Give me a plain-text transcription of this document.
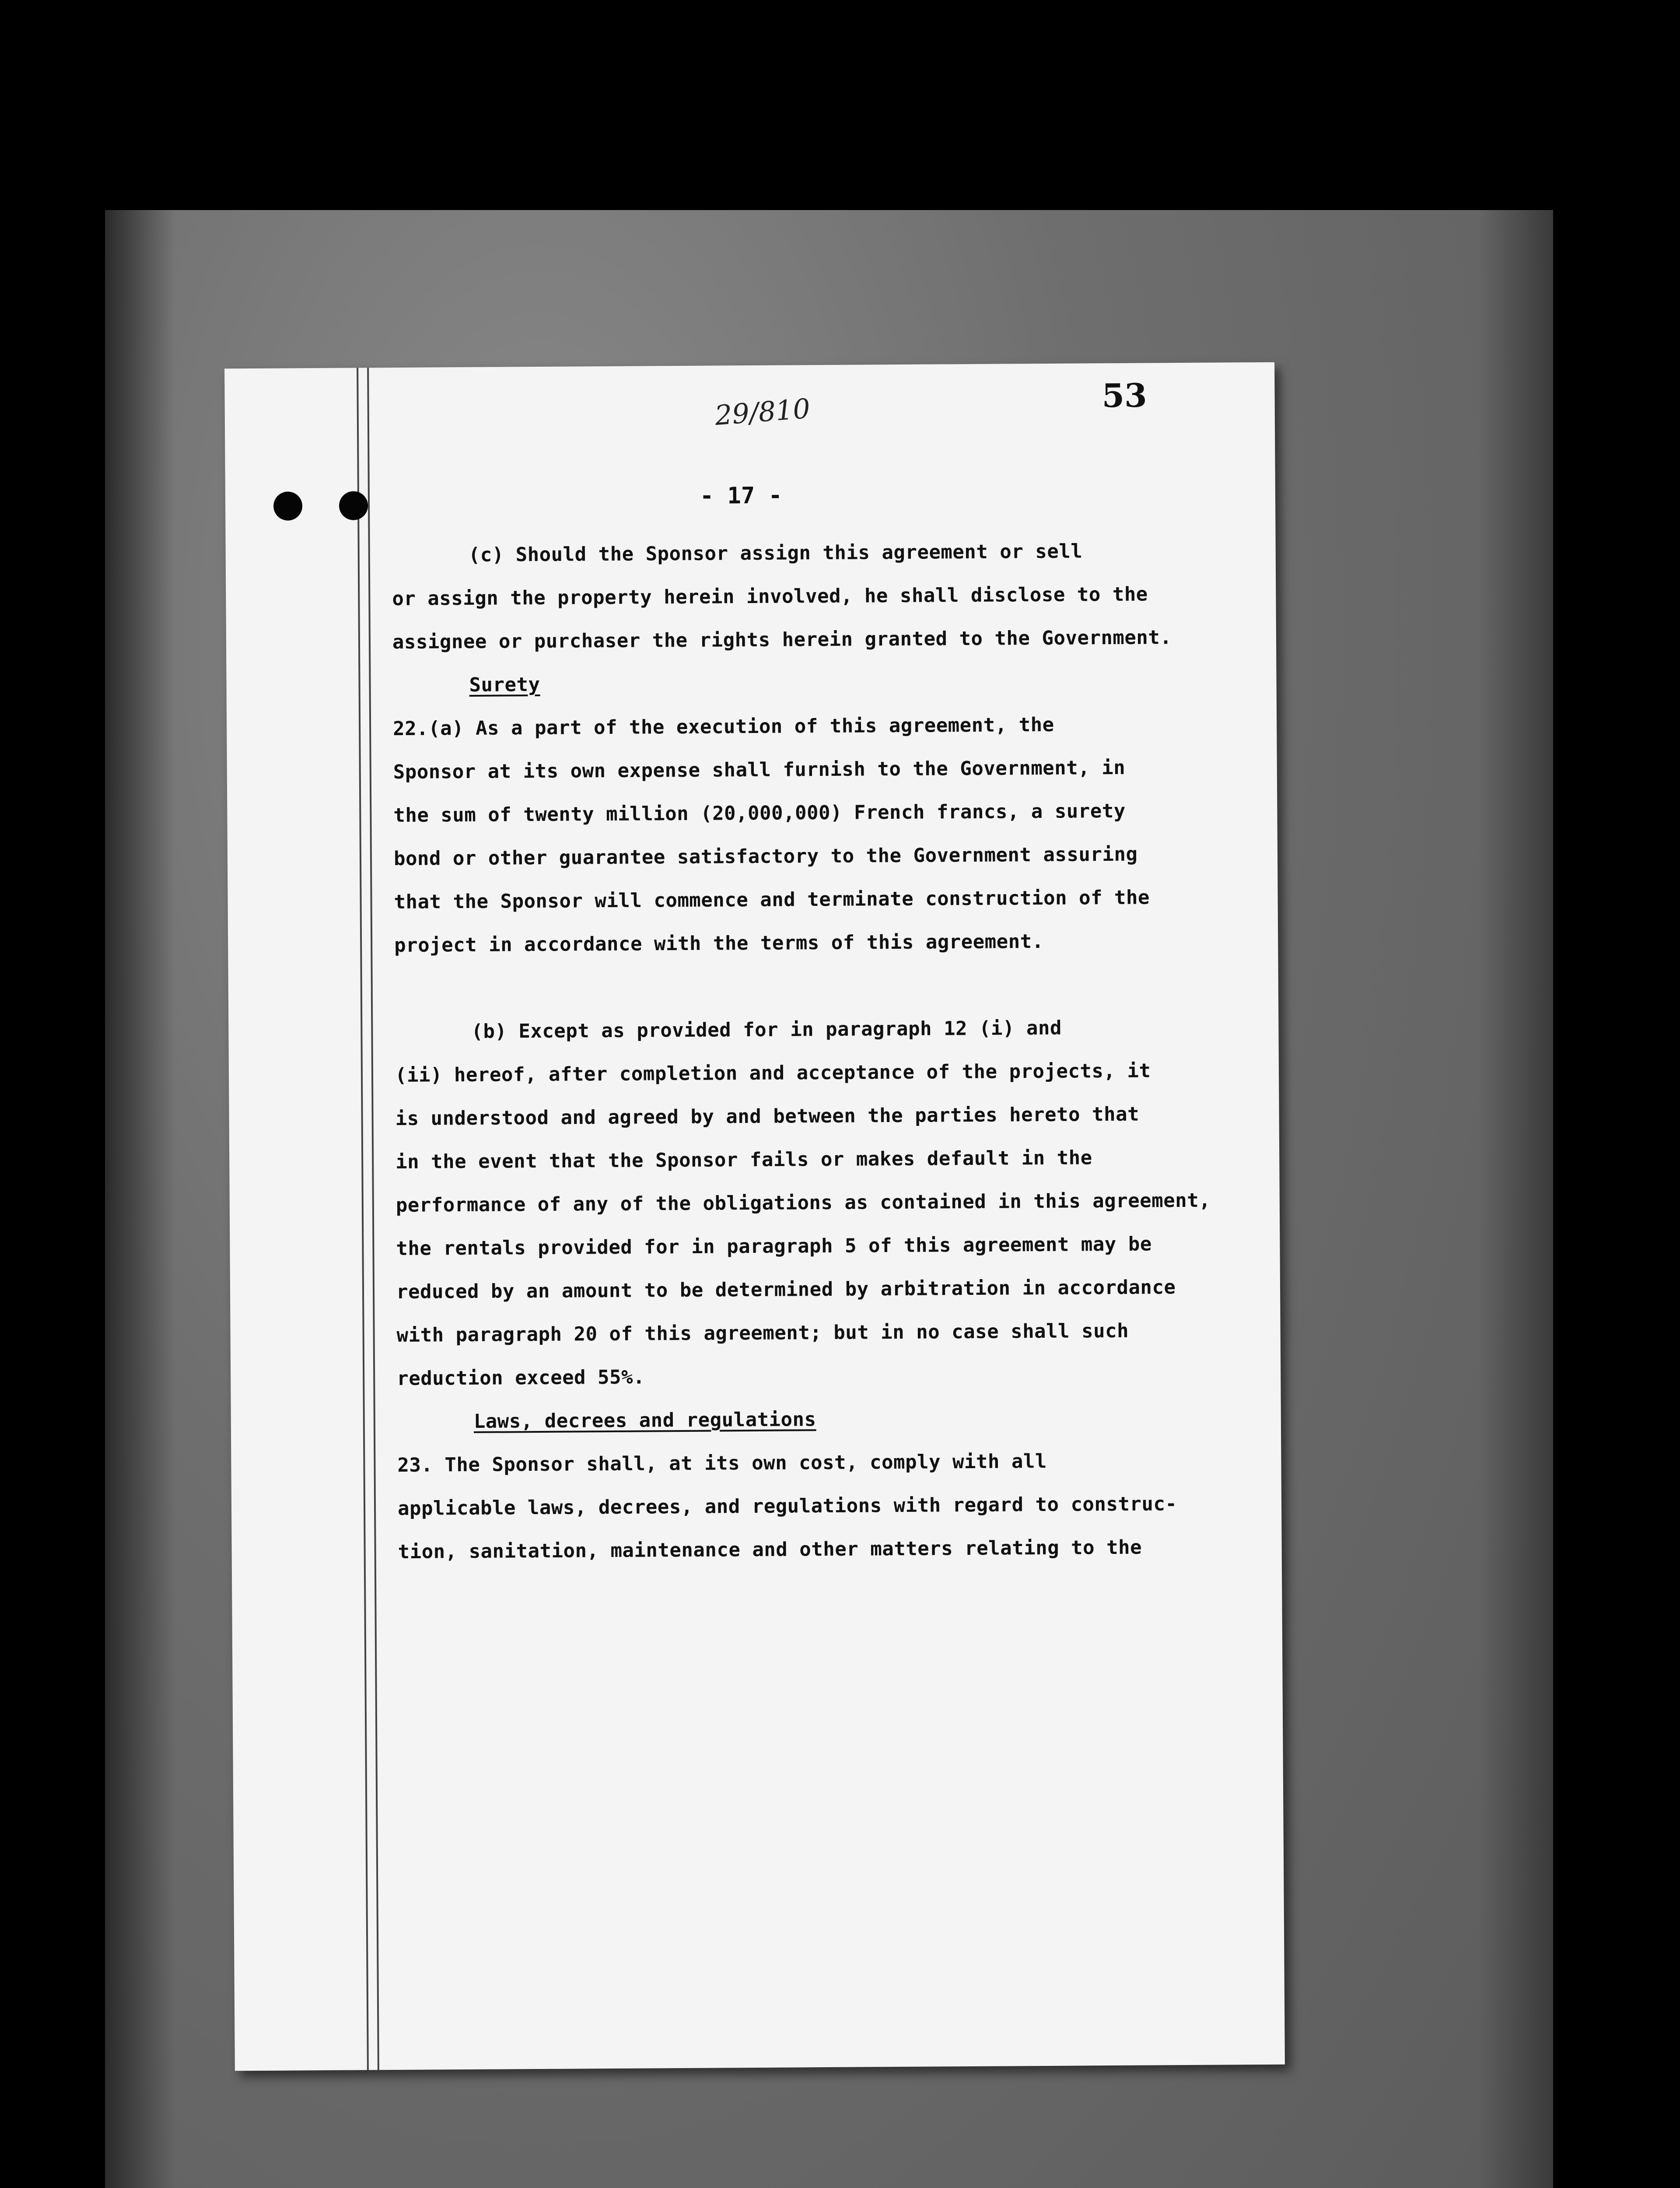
53
29/810
- 17 -
(c) Should the Sponsor assign this agreement or sell
or assign the property herein involved, he shall disclose to the
assignee or purchaser the rights herein granted to the Government.
Surety
22.(a) As a part of the execution of this agreement, the
Sponsor at its own expense shall furnish to the Government, in
the sum of twenty million (20,000,000) French francs, a surety
bond or other guarantee satisfactory to the Government assuring
that the Sponsor will commence and terminate construction of the
project in accordance with the terms of this agreement.
(b) Except as provided for in paragraph 12 (i) and
(ii) hereof, after completion and acceptance of the projects, it
is understood and agreed by and between the parties hereto that
in the event that the Sponsor fails or makes default in the
performance of any of the obligations as contained in this agreement,
the rentals provided for in paragraph 5 of this agreement may be
reduced by an amount to be determined by arbitration in accordance
with paragraph 20 of this agreement; but in no case shall such
reduction exceed 55%.
Laws, decrees and regulations
23. The Sponsor shall, at its own cost, comply with all
applicable laws, decrees, and regulations with regard to construc-
tion, sanitation, maintenance and other matters relating to the
